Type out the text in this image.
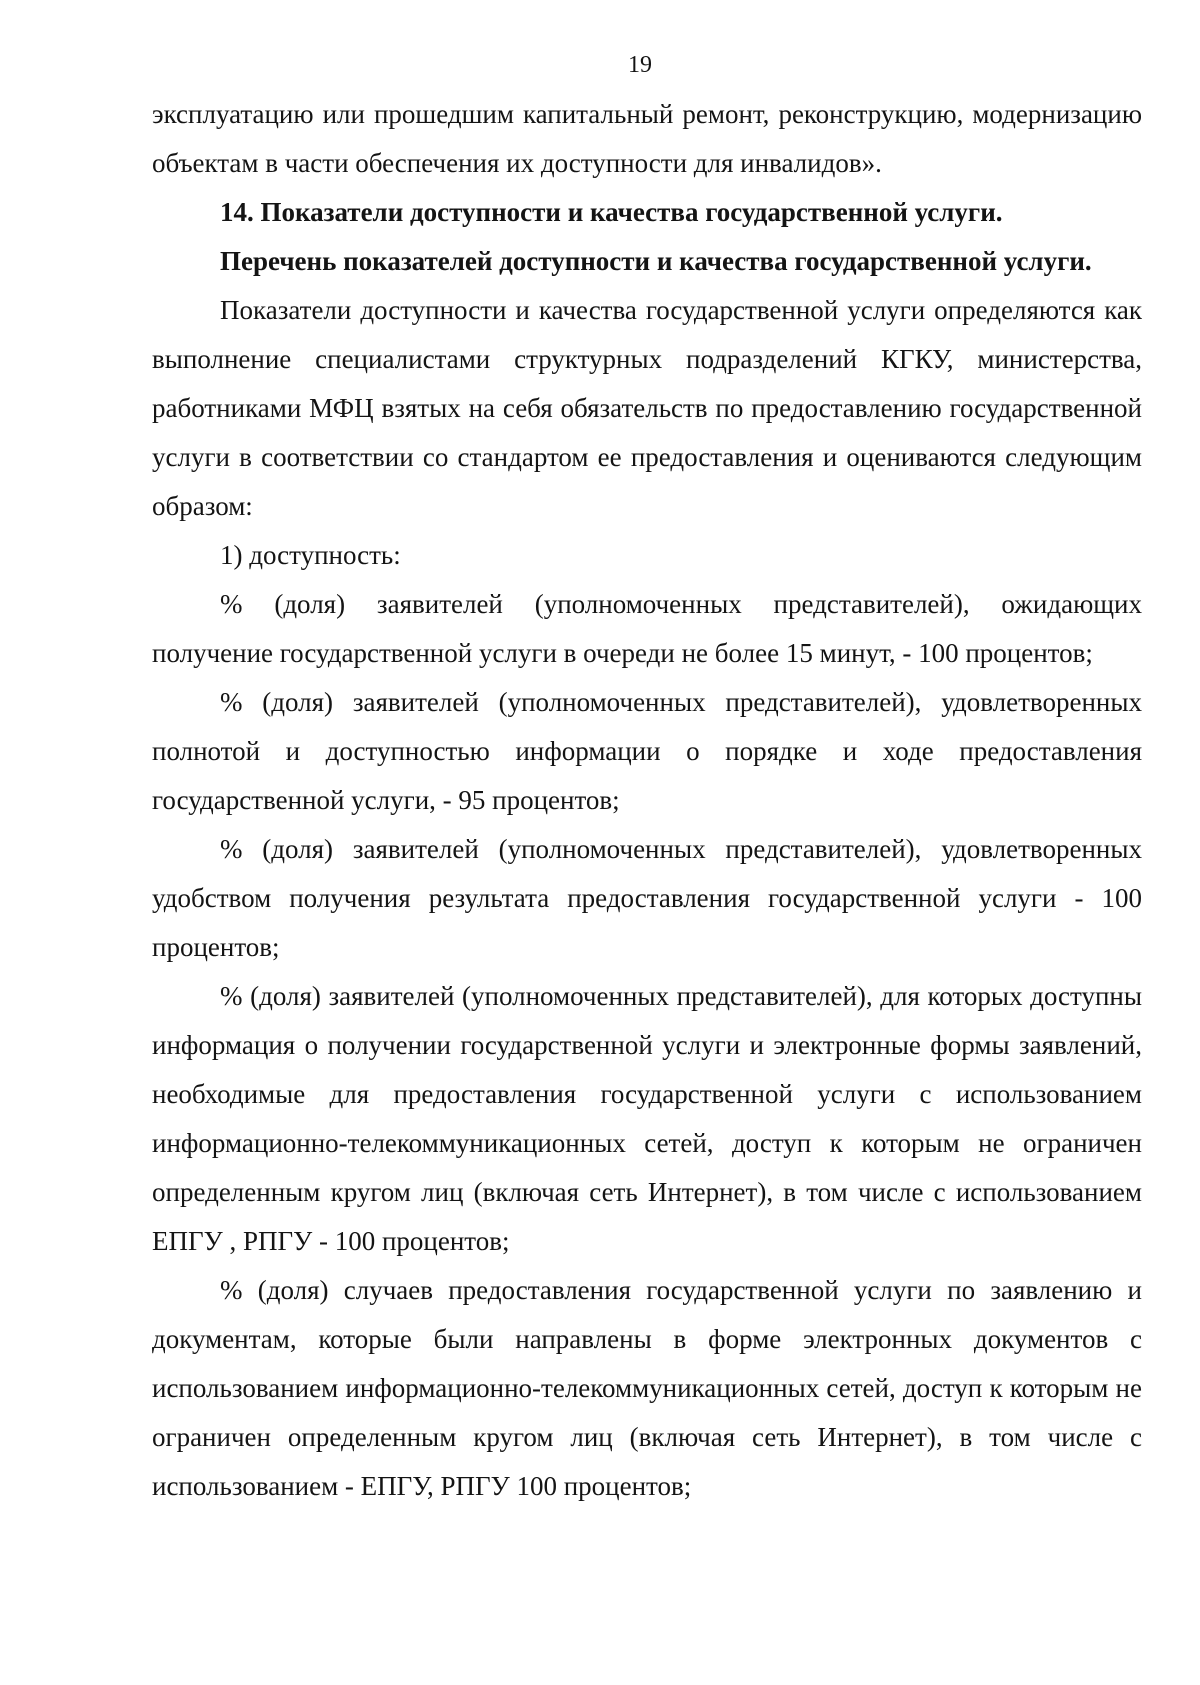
19

эксплуатацию или прошедшим капитальный ремонт, реконструкцию, модернизацию объектам в части обеспечения их доступности для инвалидов».

14. Показатели доступности и качества государственной услуги.

Перечень показателей доступности и качества государственной услуги.

Показатели доступности и качества государственной услуги определяются как выполнение специалистами структурных подразделений КГКУ, министерства, работниками МФЦ взятых на себя обязательств по предоставлению государственной услуги в соответствии со стандартом ее предоставления и оцениваются следующим образом:

1) доступность:

% (доля) заявителей (уполномоченных представителей), ожидающих получение государственной услуги в очереди не более 15 минут, - 100 процентов;

% (доля) заявителей (уполномоченных представителей), удовлетворенных полнотой и доступностью информации о порядке и ходе предоставления государственной услуги, - 95 процентов;

% (доля) заявителей (уполномоченных представителей), удовлетворенных удобством получения результата предоставления государственной услуги - 100 процентов;

% (доля) заявителей (уполномоченных представителей), для которых доступны информация о получении государственной услуги и электронные формы заявлений, необходимые для предоставления государственной услуги с использованием информационно-телекоммуникационных сетей, доступ к которым не ограничен определенным кругом лиц (включая сеть Интернет), в том числе с использованием ЕПГУ , РПГУ - 100 процентов;

% (доля) случаев предоставления государственной услуги по заявлению и документам, которые были направлены в форме электронных документов с использованием информационно-телекоммуникационных сетей, доступ к которым не ограничен определенным кругом лиц (включая сеть Интернет), в том числе с использованием - ЕПГУ, РПГУ 100 процентов;
